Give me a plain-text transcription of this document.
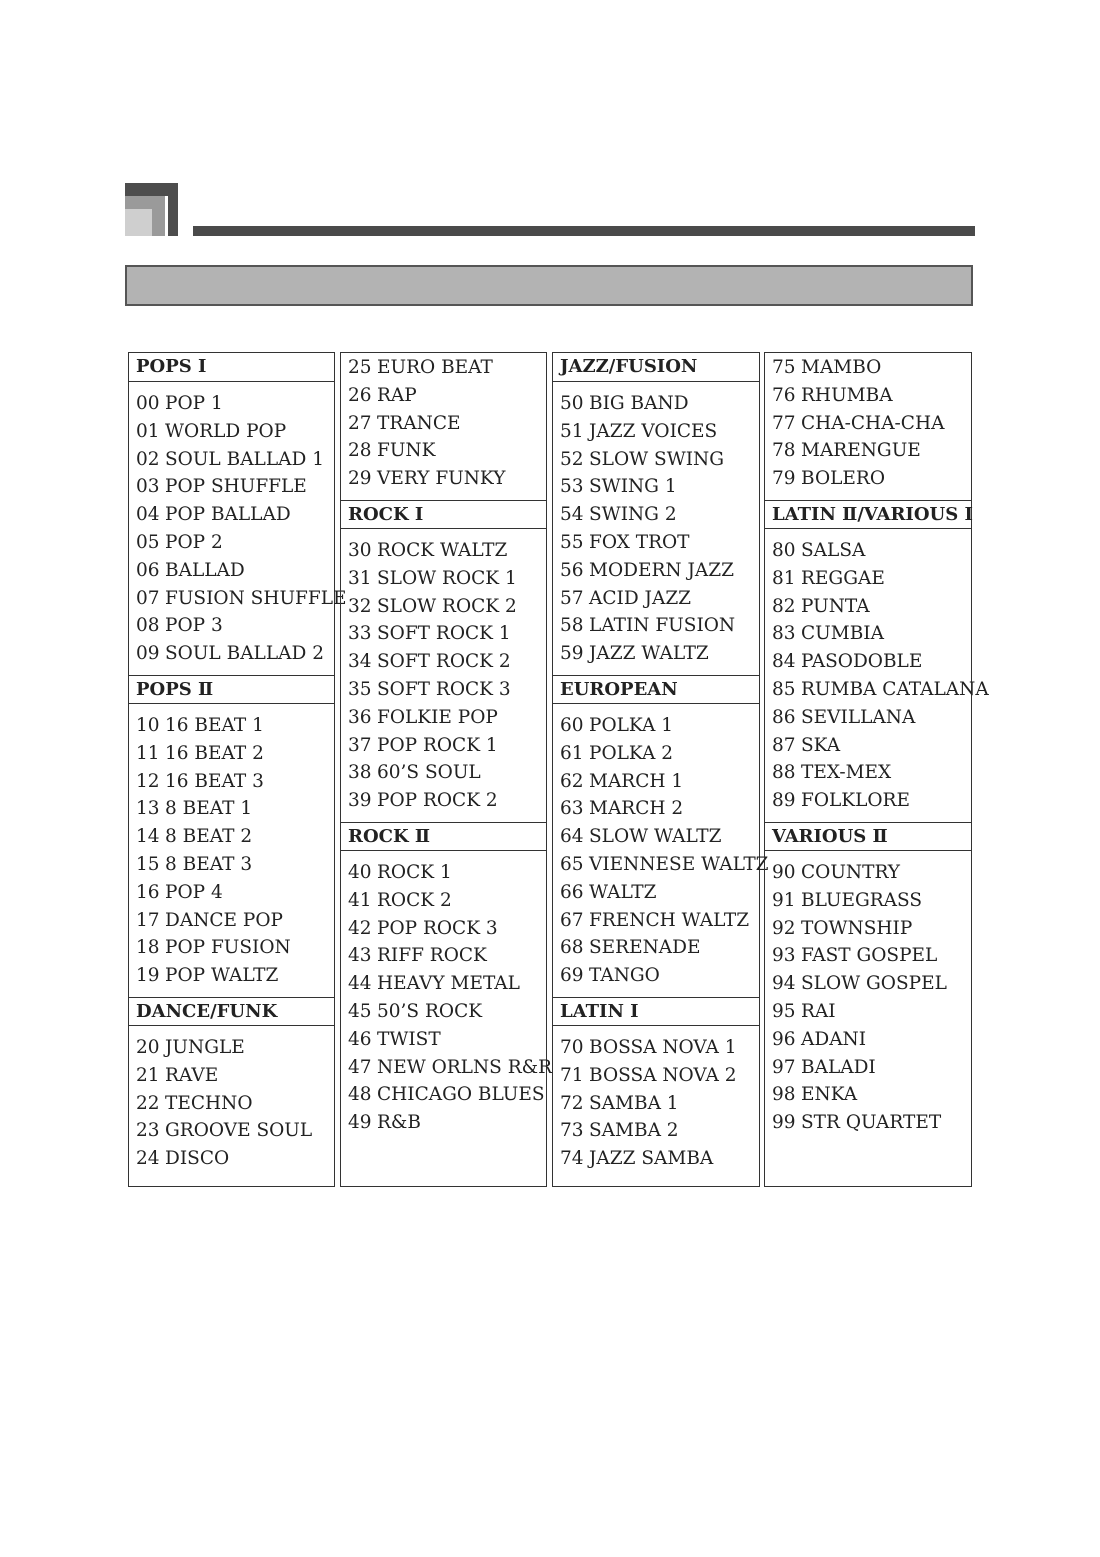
POPS Ⅰ
00 POP 1
01 WORLD POP
02 SOUL BALLAD 1
03 POP SHUFFLE
04 POP BALLAD
05 POP 2
06 BALLAD
07 FUSION SHUFFLE
08 POP 3
09 SOUL BALLAD 2
POPS Ⅱ
10 16 BEAT 1
11 16 BEAT 2
12 16 BEAT 3
13 8 BEAT 1
14 8 BEAT 2
15 8 BEAT 3
16 POP 4
17 DANCE POP
18 POP FUSION
19 POP WALTZ
DANCE/FUNK
20 JUNGLE
21 RAVE
22 TECHNO
23 GROOVE SOUL
24 DISCO
25 EURO BEAT
26 RAP
27 TRANCE
28 FUNK
29 VERY FUNKY
ROCK Ⅰ
30 ROCK WALTZ
31 SLOW ROCK 1
32 SLOW ROCK 2
33 SOFT ROCK 1
34 SOFT ROCK 2
35 SOFT ROCK 3
36 FOLKIE POP
37 POP ROCK 1
38 60’S SOUL
39 POP ROCK 2
ROCK Ⅱ
40 ROCK 1
41 ROCK 2
42 POP ROCK 3
43 RIFF ROCK
44 HEAVY METAL
45 50’S ROCK
46 TWIST
47 NEW ORLNS R&R
48 CHICAGO BLUES
49 R&B
JAZZ/FUSION
50 BIG BAND
51 JAZZ VOICES
52 SLOW SWING
53 SWING 1
54 SWING 2
55 FOX TROT
56 MODERN JAZZ
57 ACID JAZZ
58 LATIN FUSION
59 JAZZ WALTZ
EUROPEAN
60 POLKA 1
61 POLKA 2
62 MARCH 1
63 MARCH 2
64 SLOW WALTZ
65 VIENNESE WALTZ
66 WALTZ
67 FRENCH WALTZ
68 SERENADE
69 TANGO
LATIN Ⅰ
70 BOSSA NOVA 1
71 BOSSA NOVA 2
72 SAMBA 1
73 SAMBA 2
74 JAZZ SAMBA
75 MAMBO
76 RHUMBA
77 CHA-CHA-CHA
78 MARENGUE
79 BOLERO
LATIN Ⅱ/VARIOUS Ⅰ
80 SALSA
81 REGGAE
82 PUNTA
83 CUMBIA
84 PASODOBLE
85 RUMBA CATALANA
86 SEVILLANA
87 SKA
88 TEX-MEX
89 FOLKLORE
VARIOUS Ⅱ
90 COUNTRY
91 BLUEGRASS
92 TOWNSHIP
93 FAST GOSPEL
94 SLOW GOSPEL
95 RAI
96 ADANI
97 BALADI
98 ENKA
99 STR QUARTET
